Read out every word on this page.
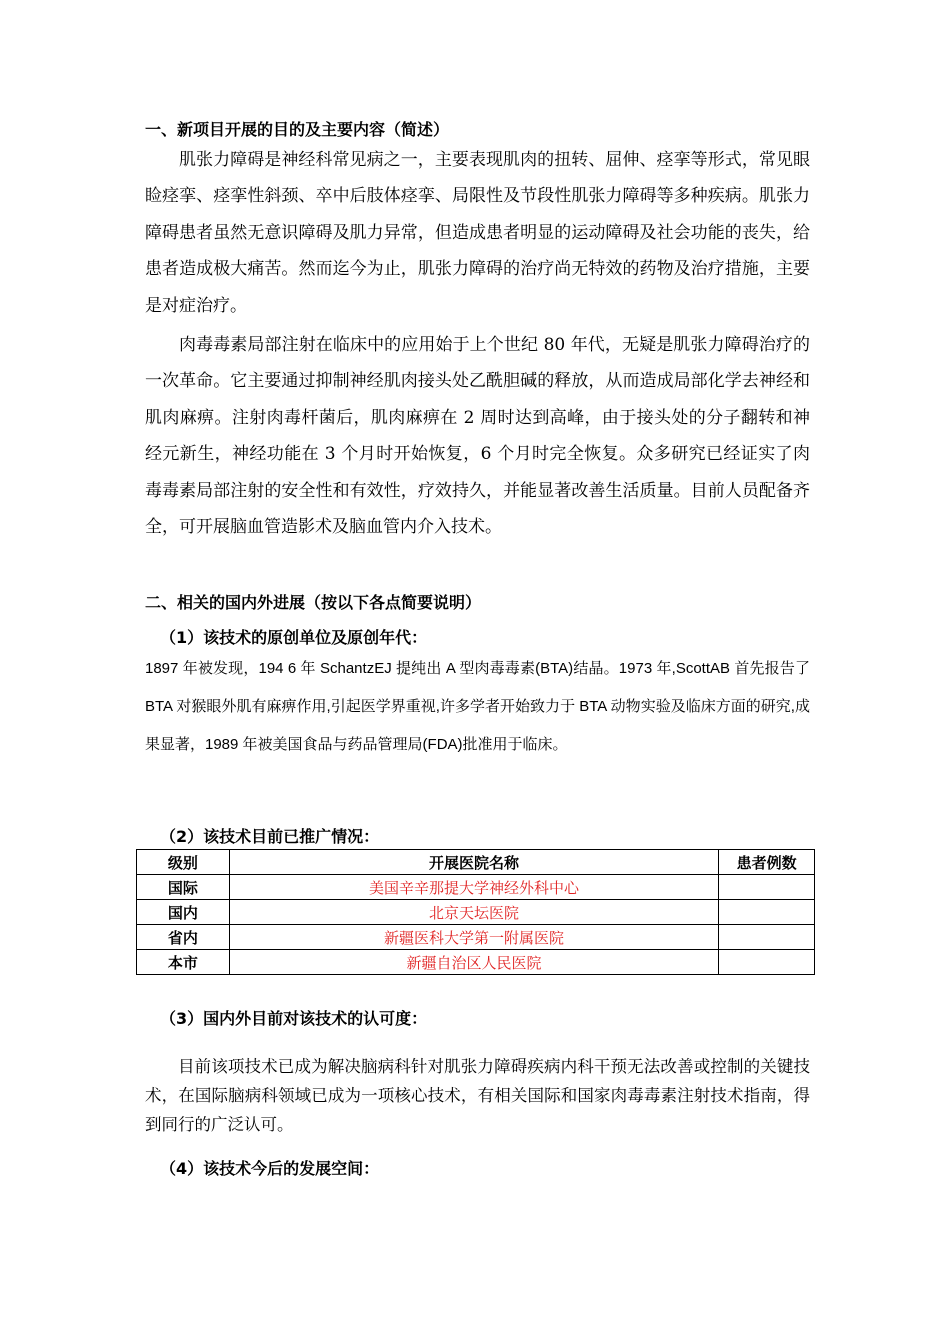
一、新项目开展的目的及主要内容（简述）

肌张力障碍是神经科常见病之一，主要表现肌肉的扭转、屈伸、痉挛等形式，常见眼睑痉挛、痉挛性斜颈、卒中后肢体痉挛、局限性及节段性肌张力障碍等多种疾病。肌张力障碍患者虽然无意识障碍及肌力异常，但造成患者明显的运动障碍及社会功能的丧失，给患者造成极大痛苦。然而迄今为止，肌张力障碍的治疗尚无特效的药物及治疗措施，主要是对症治疗。

肉毒毒素局部注射在临床中的应用始于上个世纪 80 年代，无疑是肌张力障碍治疗的一次革命。它主要通过抑制神经肌肉接头处乙酰胆碱的释放，从而造成局部化学去神经和肌肉麻痹。注射肉毒杆菌后，肌肉麻痹在 2 周时达到高峰，由于接头处的分子翻转和神经元新生，神经功能在 3 个月时开始恢复，6 个月时完全恢复。众多研究已经证实了肉毒毒素局部注射的安全性和有效性，疗效持久，并能显著改善生活质量。目前人员配备齐全，可开展脑血管造影术及脑血管内介入技术。

二、相关的国内外进展（按以下各点简要说明）
（1）该技术的原创单位及原创年代：

1897 年被发现，194 6 年 SchantzEJ 提纯出 A 型肉毒毒素(BTA)结晶。1973 年,ScottAB 首先报告了 BTA 对猴眼外肌有麻痹作用,引起医学界重视,许多学者开始致力于 BTA 动物实验及临床方面的研究,成果显著，1989 年被美国食品与药品管理局(FDA)批准用于临床。

（2）该技术目前已推广情况：
级别	开展医院名称	患者例数
国际	美国辛辛那提大学神经外科中心	
国内	北京天坛医院	
省内	新疆医科大学第一附属医院	
本市	新疆自治区人民医院	
（3）国内外目前对该技术的认可度：

目前该项技术已成为解决脑病科针对肌张力障碍疾病内科干预无法改善或控制的关键技术，在国际脑病科领域已成为一项核心技术，有相关国际和国家肉毒毒素注射技术指南，得到同行的广泛认可。

（4）该技术今后的发展空间：
